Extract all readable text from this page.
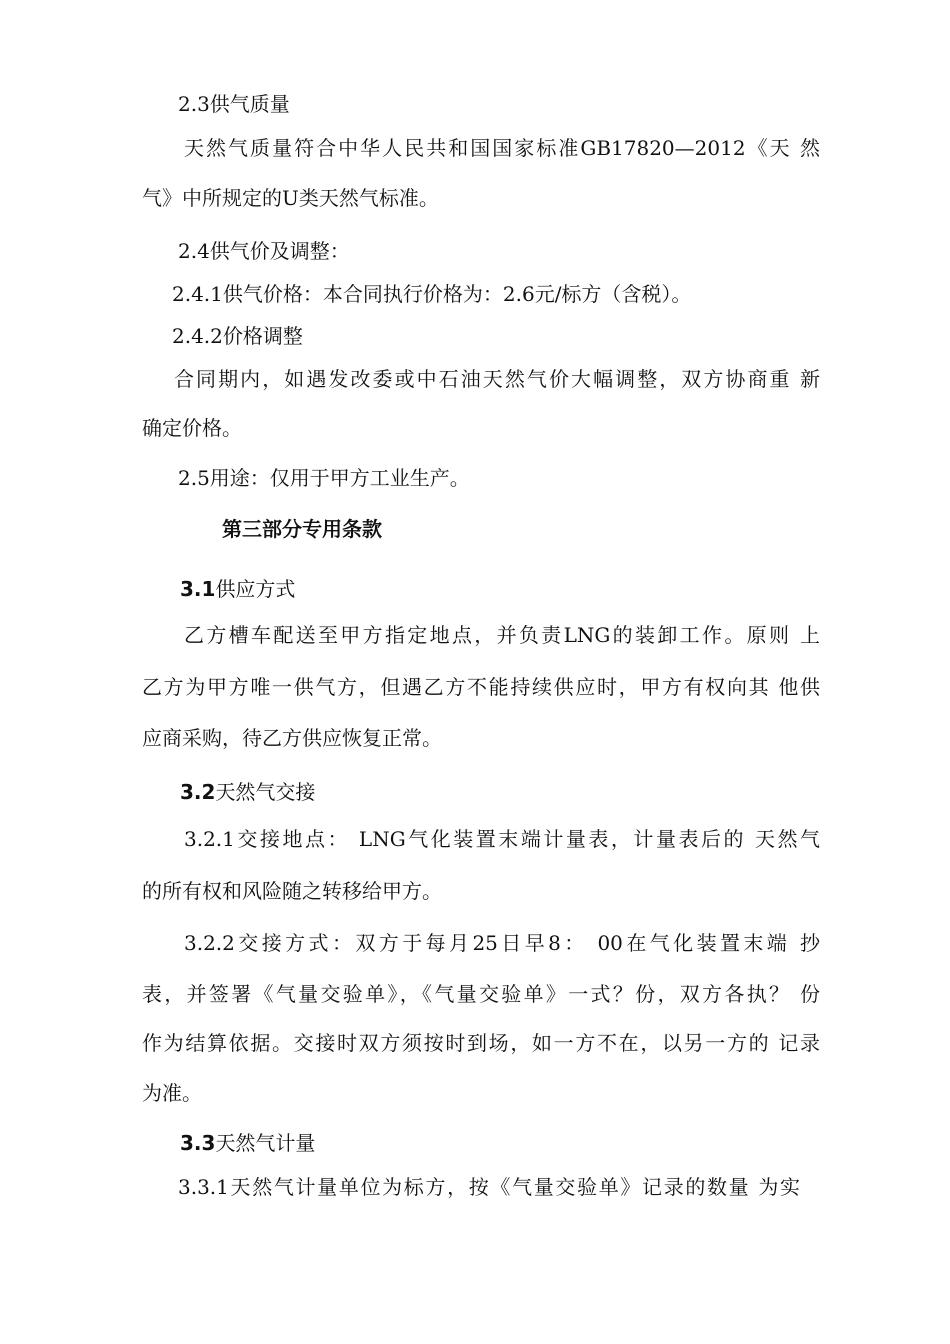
2.3供气质量
天然气质量符合中华人民共和国国家标准GB17820—2012《天 然
气》中所规定的U类天然气标准。
2.4供气价及调整：
2.4.1供气价格：本合同执行价格为：2.6元/标方（含税）。
2.4.2价格调整
合同期内，如遇发改委或中石油天然气价大幅调整，双方协商重 新
确定价格。
2.5用途：仅用于甲方工业生产。
第三部分专用条款
3.1供应方式
乙方槽车配送至甲方指定地点，并负责LNG的装卸工作。原则 上
乙方为甲方唯一供气方，但遇乙方不能持续供应时，甲方有权向其 他供
应商采购，待乙方供应恢复正常。
3.2天然气交接
3.2.1交接地点： LNG气化装置末端计量表，计量表后的 天然气
的所有权和风险随之转移给甲方。
3.2.2交接方式：双方于每月25日早8： 00在气化装置末端 抄
表，并签署《气量交验单》，《气量交验单》一式？份，双方各执？ 份
作为结算依据。交接时双方须按时到场，如一方不在，以另一方的 记录
为准。
3.3天然气计量
3.3.1天然气计量单位为标方，按《气量交验单》记录的数量 为实
